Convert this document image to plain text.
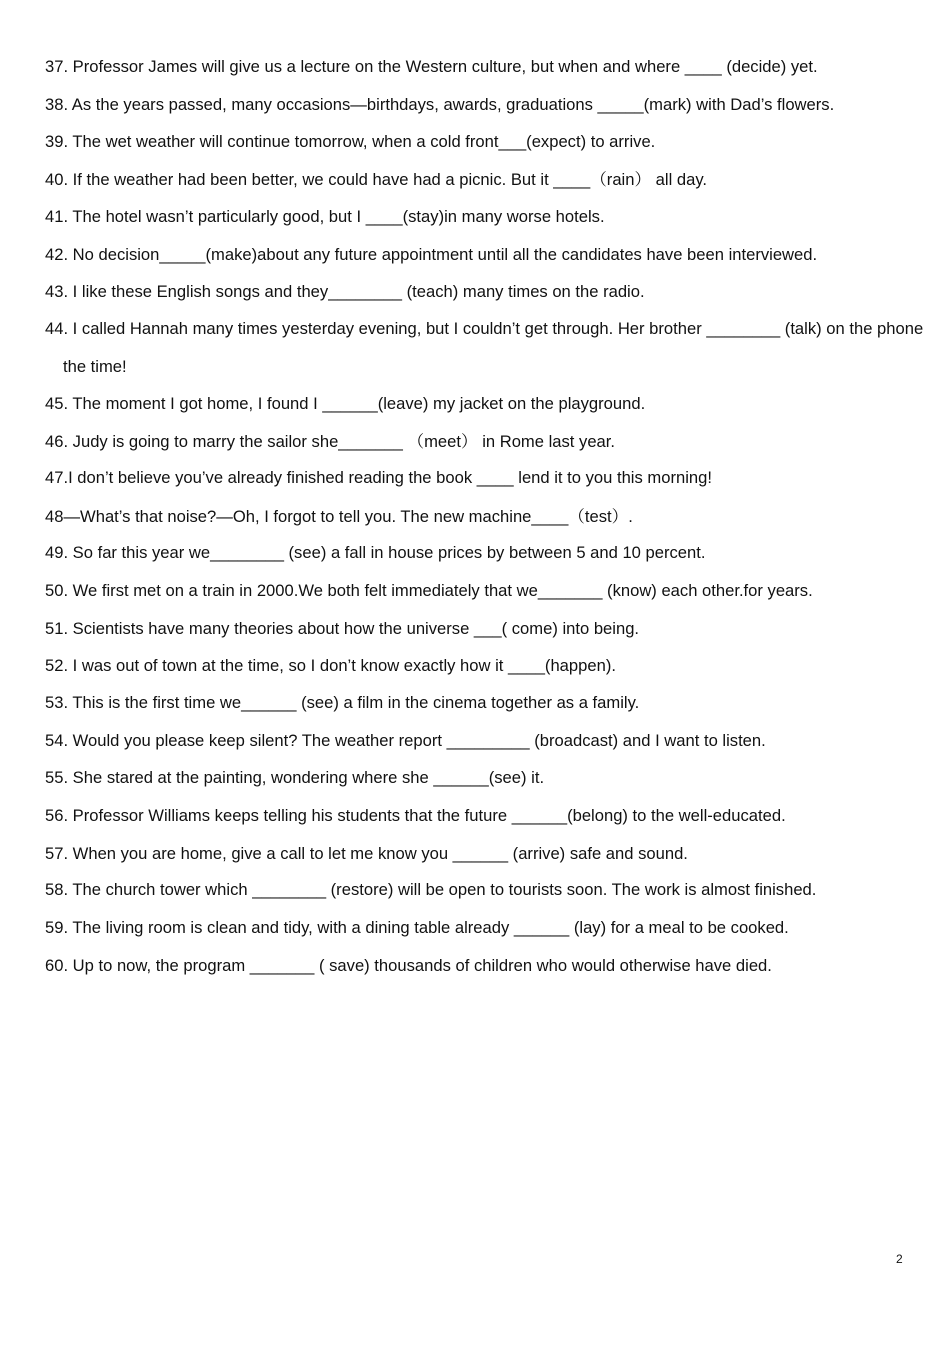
37. Professor James will give us a lecture on the Western culture, but when and where ____ (decide) yet.
38. As the years passed, many occasions—birthdays, awards, graduations _____(mark) with Dad’s flowers.
39. The wet weather will continue tomorrow, when a cold front___(expect) to arrive.
40. If the weather had been better, we could have had a picnic. But it ____（rain） all day.
41. The hotel wasn’t particularly good, but I ____(stay)in many worse hotels.
42. No decision_____(make)about any future appointment until all the candidates have been interviewed.
43. I like these English songs and they________ (teach) many times on the radio.
44. I called Hannah many times yesterday evening, but I couldn’t get through. Her brother ________ (talk) on the phone
the time!
45. The moment I got home, I found I ______(leave) my jacket on the playground.
46. Judy is going to marry the sailor she_______ （meet） in Rome last year.
47.I don’t believe you’ve already finished reading the book ____ lend it to you this morning!
48—What’s that noise?—Oh, I forgot to tell you. The new machine____（test）.
49. So far this year we________ (see) a fall in house prices by between 5 and 10 percent.
50. We first met on a train in 2000.We both felt immediately that we_______ (know) each other.for years.
51. Scientists have many theories about how the universe ___( come) into being.
52. I was out of town at the time, so I don’t know exactly how it ____(happen).
53. This is the first time we______ (see) a film in the cinema together as a family.
54. Would you please keep silent? The weather report _________ (broadcast) and I want to listen.
55. She stared at the painting, wondering where she ______(see) it.
56. Professor Williams keeps telling his students that the future ______(belong) to the well-educated.
57. When you are home, give a call to let me know you ______ (arrive) safe and sound.
58. The church tower which ________ (restore) will be open to tourists soon. The work is almost finished.
59. The living room is clean and tidy, with a dining table already ______ (lay) for a meal to be cooked.
60. Up to now, the program _______ ( save) thousands of children who would otherwise have died.
2
